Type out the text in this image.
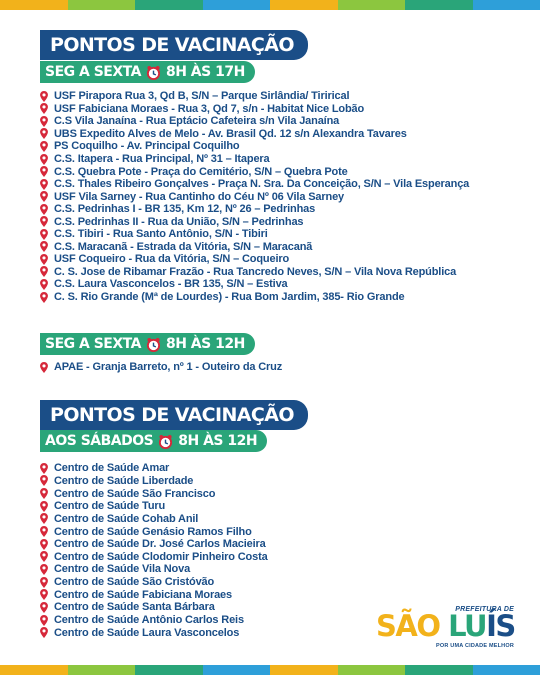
PONTOS DE VACINAÇÃO
SEG A SEXTA 8H ÀS 17H
USF Pirapora Rua 3, Qd B, S/N – Parque Sirlândia/ Tirirical
USF Fabiciana Moraes - Rua 3, Qd 7, s/n - Habitat Nice Lobão
C.S Vila Janaína - Rua Eptácio Cafeteira s/n Vila Janaína
UBS Expedito Alves de Melo - Av. Brasil Qd. 12 s/n Alexandra Tavares
PS Coquilho - Av. Principal Coquilho
C.S. Itapera - Rua Principal, Nº 31 – Itapera
C.S. Quebra Pote - Praça do Cemitério, S/N – Quebra Pote
C.S. Thales Ribeiro Gonçalves - Praça N. Sra. Da Conceição, S/N – Vila Esperança
USF Vila Sarney - Rua Cantinho do Céu Nº 06 Vila Sarney
C.S. Pedrinhas I - BR 135, Km 12, Nº 26 – Pedrinhas
C.S. Pedrinhas II - Rua da União, S/N – Pedrinhas
C.S. Tibiri - Rua Santo Antônio, S/N - Tibiri
C.S. Maracanã - Estrada da Vitória, S/N – Maracanã
USF Coqueiro - Rua da Vitória, S/N – Coqueiro
C. S. Jose de Ribamar Frazão - Rua Tancredo Neves, S/N – Vila Nova República
C.S. Laura Vasconcelos - BR 135, S/N – Estiva
C. S. Rio Grande (Mª de Lourdes) - Rua Bom Jardim, 385- Rio Grande
SEG A SEXTA 8H ÀS 12H
APAE - Granja Barreto, nº 1 - Outeiro da Cruz
PONTOS DE VACINAÇÃO
AOS SÁBADOS 8H ÀS 12H
Centro de Saúde Amar
Centro de Saúde Liberdade
Centro de Saúde São Francisco
Centro de Saúde Turu
Centro de Saúde Cohab Anil
Centro de Saúde Genásio Ramos Filho
Centro de Saúde Dr. José Carlos Macieira
Centro de Saúde Clodomir Pinheiro Costa
Centro de Saúde Vila Nova
Centro de Saúde São Cristóvão
Centro de Saúde Fabiciana Moraes
Centro de Saúde Santa Bárbara
Centro de Saúde Antônio Carlos Reis
Centro de Saúde Laura Vasconcelos
PREFEITURA DE
SÃO LUÍS
POR UMA CIDADE MELHOR
